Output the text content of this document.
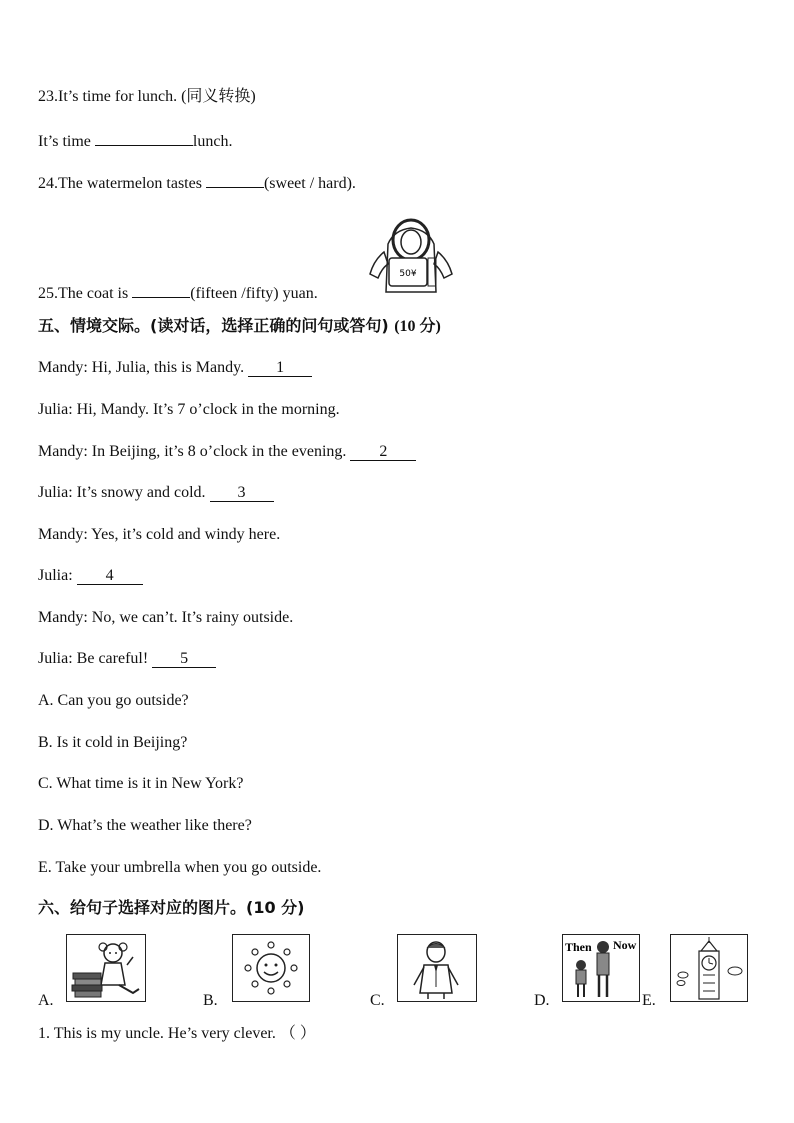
23.It’s time for lunch. (同义转换)
It’s time	lunch.
24.The watermelon tastes	(sweet / hard).
25.The coat is	(fifteen /fifty) yuan.
50¥
五、情境交际。(读对话，选择正确的问句或答句) (10 分)
Mandy: Hi, Julia, this is Mandy. 1
Julia: Hi, Mandy. It’s 7 o’clock in the morning.
Mandy: In Beijing, it’s 8 o’clock in the evening. 2
Julia: It’s snowy and cold. 3
Mandy: Yes, it’s cold and windy here.
Julia: 4
Mandy: No, we can’t. It’s rainy outside.
Julia: Be careful! 5
A. Can you go outside?
B. Is it cold in Beijing?
C. What time is it in New York?
D. What’s the weather like there?
E. Take your umbrella when you go outside.
六、给句子选择对应的图片。(10 分)
A.	B.	C.	D.	E.
Then Now
1. This is my uncle. He’s very clever. （ ）
